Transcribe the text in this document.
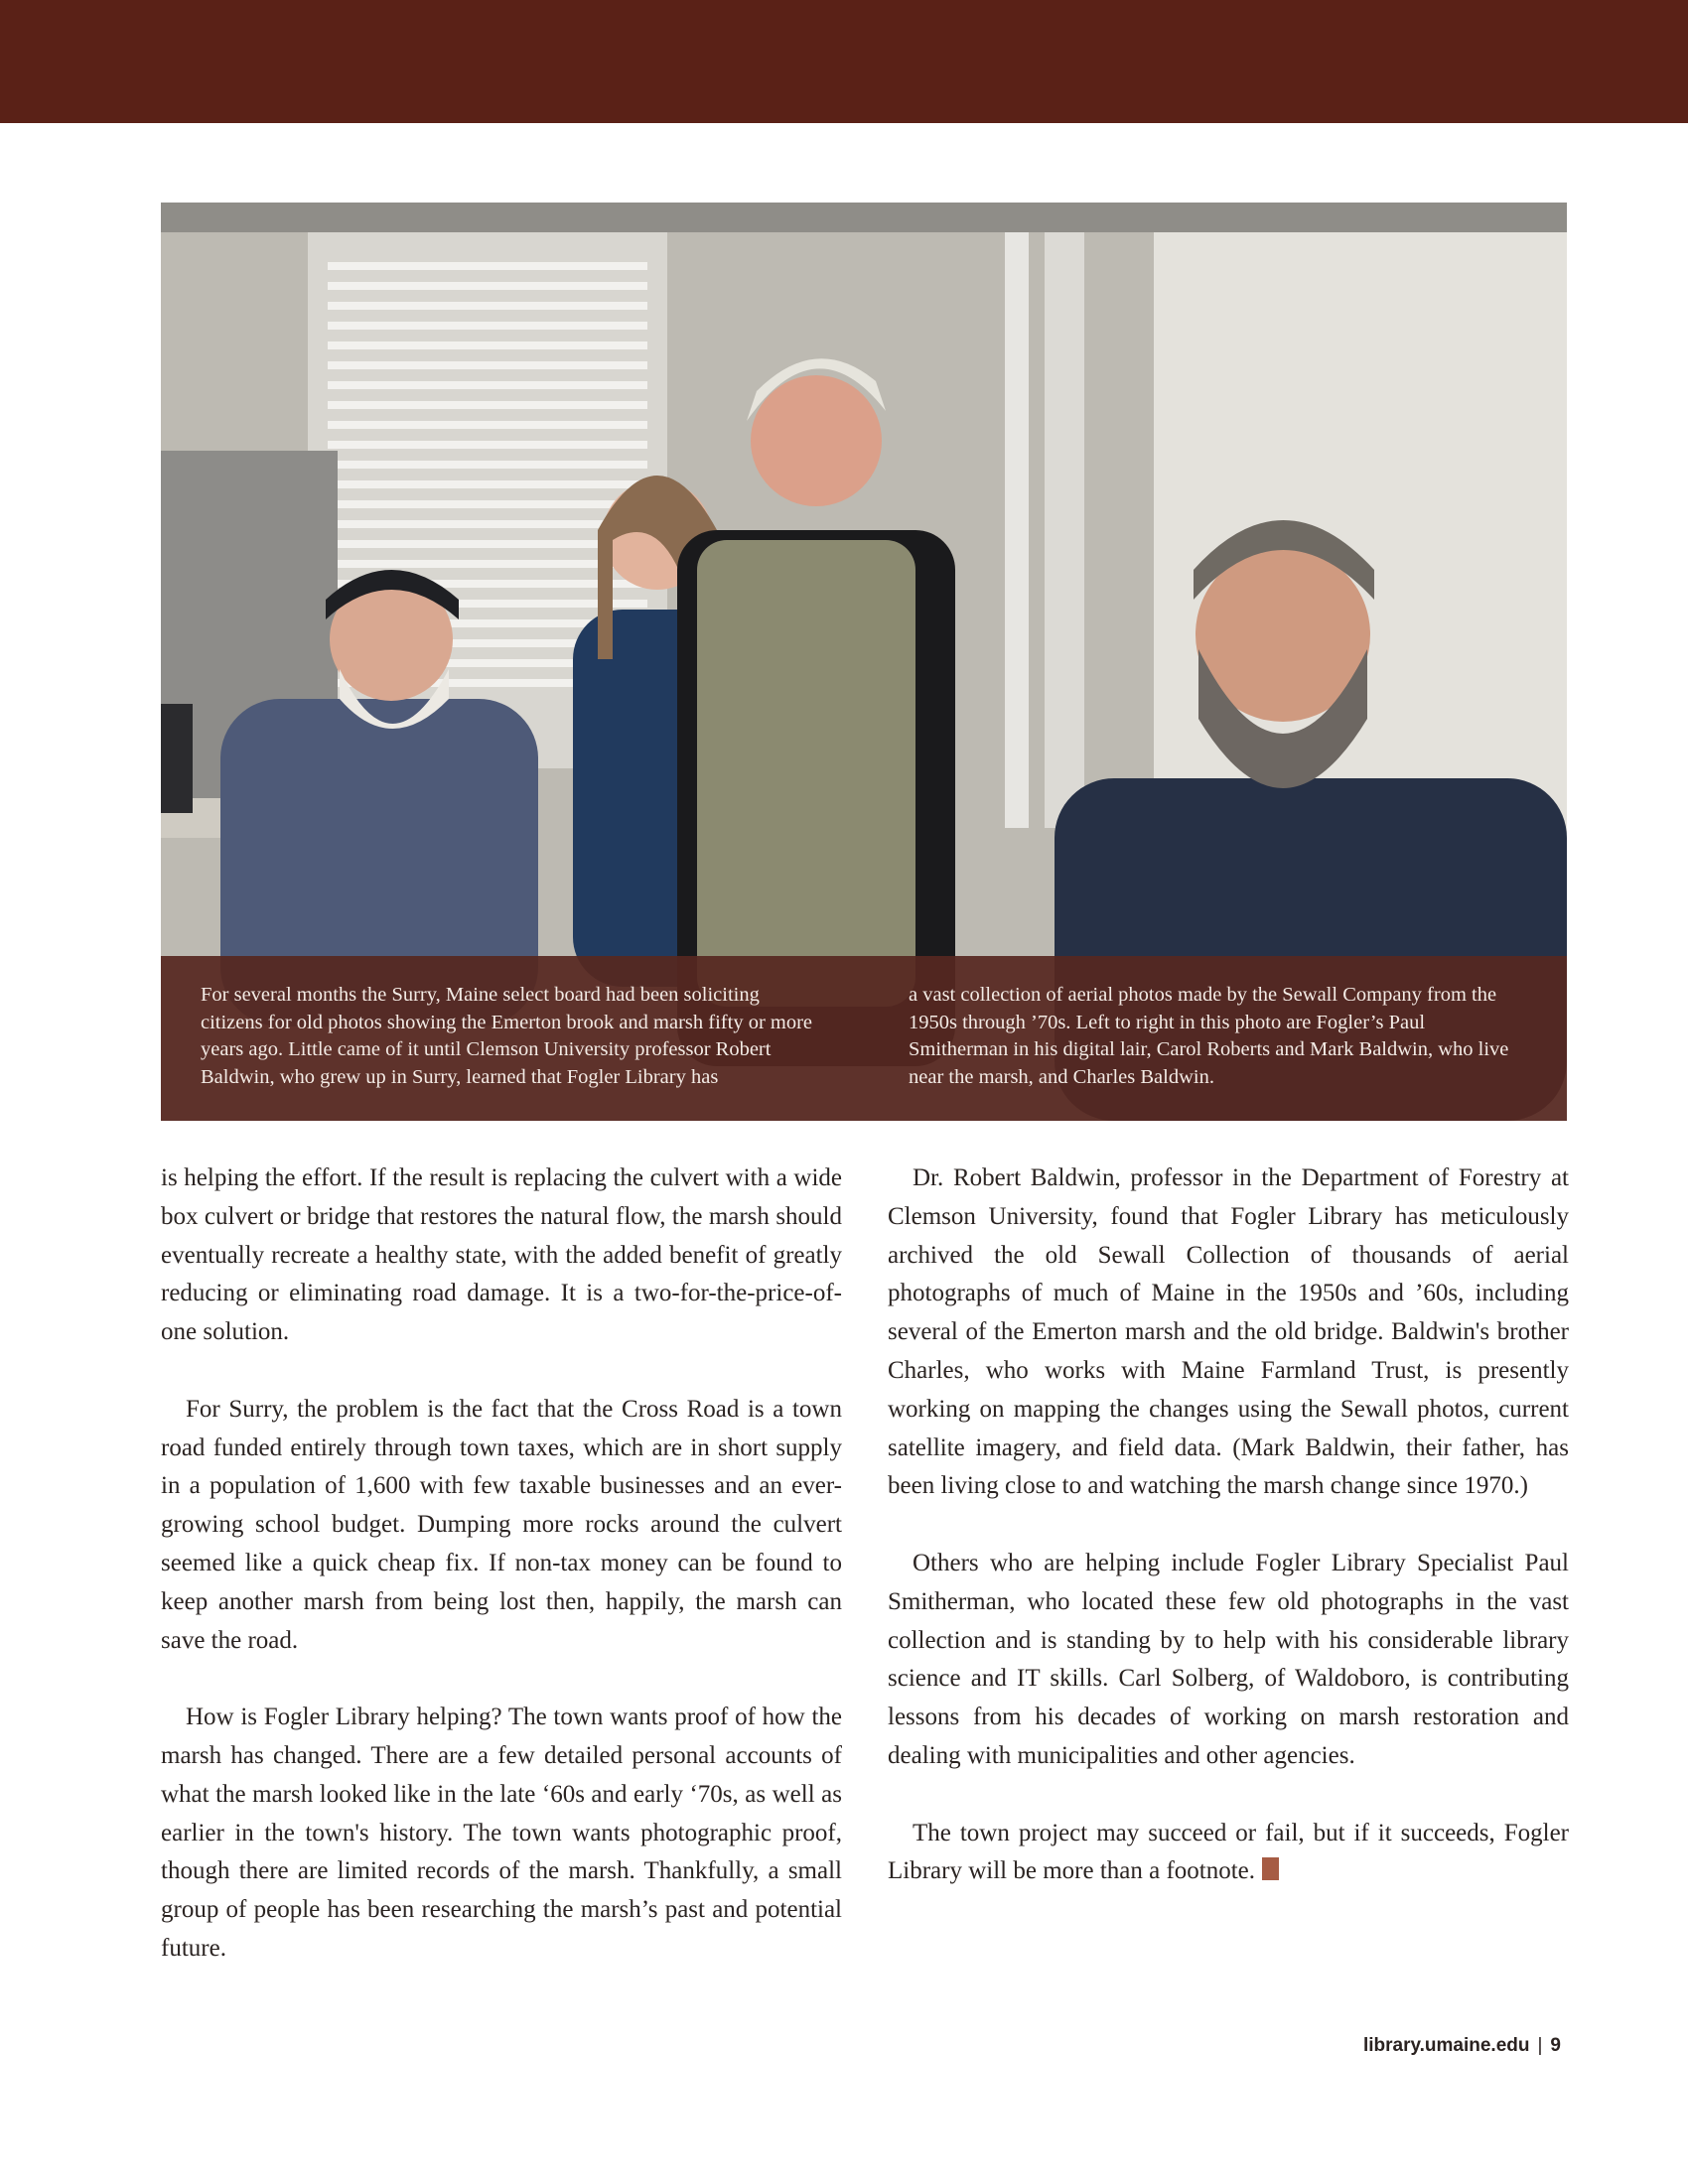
For several months the Surry, Maine select board had been soliciting citizens for old photos showing the Emerton brook and marsh fifty or more years ago. Little came of it until Clemson University professor Robert Baldwin, who grew up in Surry, learned that Fogler Library has

a vast collection of aerial photos made by the Sewall Company from the 1950s through ’70s. Left to right in this photo are Fogler’s Paul Smitherman in his digital lair, Carol Roberts and Mark Baldwin, who live near the marsh, and Charles Baldwin.

is helping the effort. If the result is replacing the culvert with a wide box culvert or bridge that restores the natural flow, the marsh should eventually recreate a healthy state, with the added benefit of greatly reducing or eliminating road damage. It is a two-for-the-price-of-one solution.

For Surry, the problem is the fact that the Cross Road is a town road funded entirely through town taxes, which are in short supply in a population of 1,600 with few taxable businesses and an ever-growing school budget. Dumping more rocks around the culvert seemed like a quick cheap fix. If non-tax money can be found to keep another marsh from being lost then, happily, the marsh can save the road.

How is Fogler Library helping? The town wants proof of how the marsh has changed. There are a few detailed personal accounts of what the marsh looked like in the late ‘60s and early ‘70s, as well as earlier in the town's history. The town wants photographic proof, though there are limited records of the marsh. Thankfully, a small group of people has been researching the marsh’s past and potential future.

Dr. Robert Baldwin, professor in the Department of Forestry at Clemson University, found that Fogler Library has meticulously archived the old Sewall Collection of thousands of aerial photographs of much of Maine in the 1950s and ’60s, including several of the Emerton marsh and the old bridge. Baldwin's brother Charles, who works with Maine Farmland Trust, is presently working on mapping the changes using the Sewall photos, current satellite imagery, and field data. (Mark Baldwin, their father, has been living close to and watching the marsh change since 1970.)

Others who are helping include Fogler Library Specialist Paul Smitherman, who located these few old photographs in the vast collection and is standing by to help with his considerable library science and IT skills. Carl Solberg, of Waldoboro, is contributing lessons from his decades of working on marsh restoration and dealing with municipalities and other agencies.

The town project may succeed or fail, but if it succeeds, Fogler Library will be more than a footnote.

library.umaine.edu | 9
